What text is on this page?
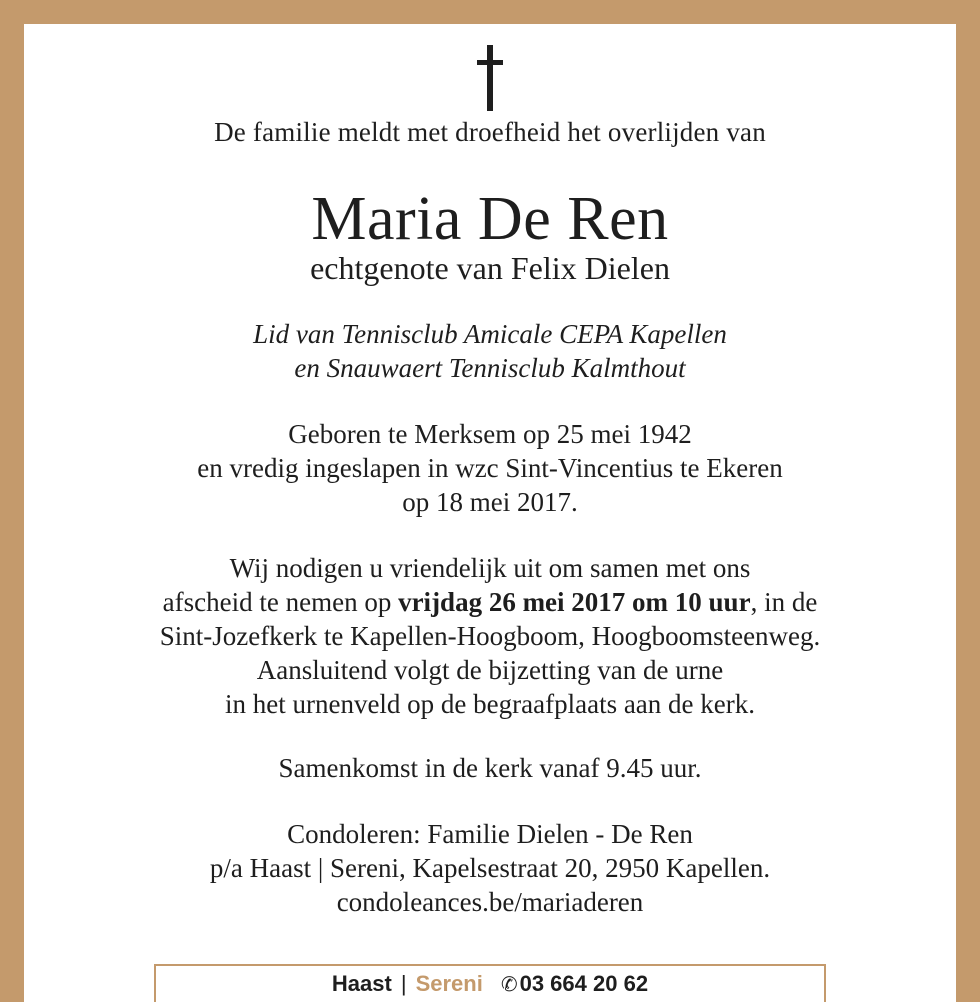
De familie meldt met droefheid het overlijden van
Maria De Ren
echtgenote van Felix Dielen
Lid van Tennisclub Amicale CEPA Kapellen
en Snauwaert Tennisclub Kalmthout
Geboren te Merksem op 25 mei 1942
en vredig ingeslapen in wzc Sint-Vincentius te Ekeren
op 18 mei 2017.
Wij nodigen u vriendelijk uit om samen met ons
afscheid te nemen op vrijdag 26 mei 2017 om 10 uur, in de
Sint-Jozefkerk te Kapellen-Hoogboom, Hoogboomsteenweg.
Aansluitend volgt de bijzetting van de urne
in het urnenveld op de begraafplaats aan de kerk.
Samenkomst in de kerk vanaf 9.45 uur.
Condoleren: Familie Dielen - De Ren
p/a Haast | Sereni, Kapelsestraat 20, 2950 Kapellen.
condoleances.be/mariaderen
Haast | Sereni ✆ 03 664 20 62
